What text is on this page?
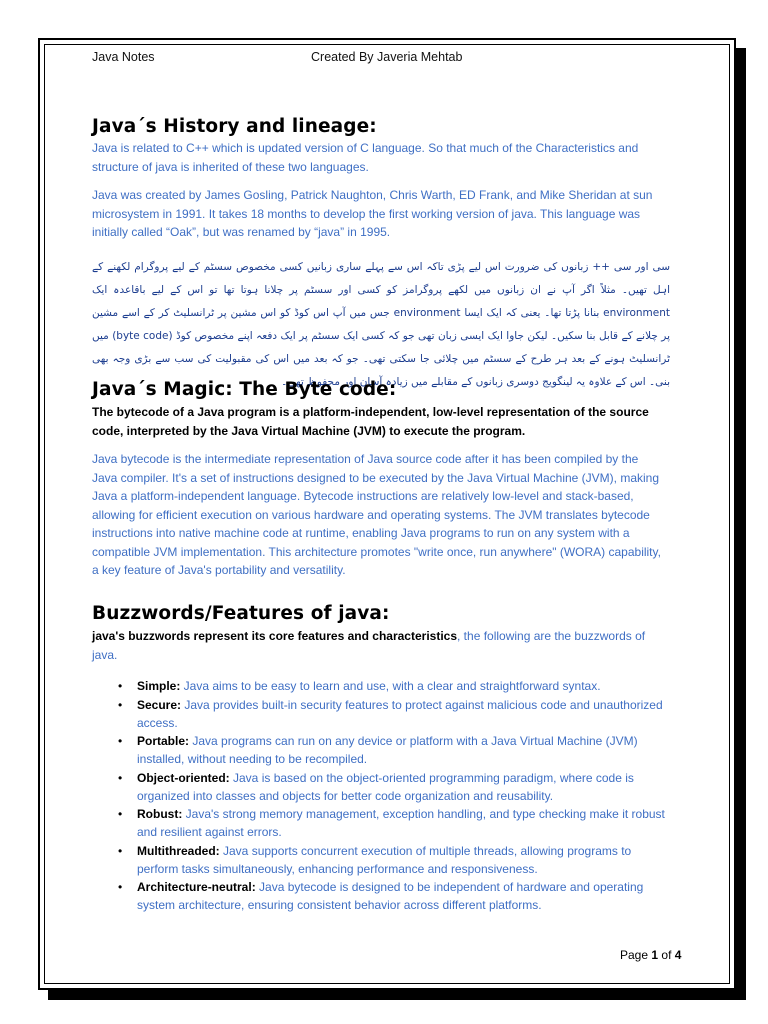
Java Notes	Created By Javeria Mehtab
Java´s History and lineage:

Java is related to C++ which is updated version of C language. So that much of the Characteristics and structure of java is inherited of these two languages.

Java was created by James Gosling, Patrick Naughton, Chris Warth, ED Frank, and Mike Sheridan at sun microsystem in 1991. It takes 18 months to develop the first working version of java. This language was initially called “Oak”, but was renamed by “java” in 1995.

سی اور سی ++ زبانوں کی ضرورت اس لیے پڑی تاکہ اس سے پہلے ساری زبانیں کسی مخصوص سسٹم کے لیے پروگرام لکھنے کے اہل تھیں۔ مثلاً اگر آپ نے ان زبانوں میں لکھے پروگرامز کو کسی اور سسٹم پر چلانا ہوتا تھا تو اس کے لیے باقاعدہ ایک environment بنانا پڑتا تھا۔ یعنی کہ ایک ایسا environment جس میں آپ اس کوڈ کو اس مشین پر ٹرانسلیٹ کر کے اسے مشین پر چلانے کے قابل بنا سکیں۔ لیکن جاوا ایک ایسی زبان تھی جو کہ کسی ایک سسٹم پر ایک دفعہ اپنے مخصوص کوڈ (byte code) میں ٹرانسلیٹ ہونے کے بعد ہر طرح کے سسٹم میں چلائی جا سکتی تھی۔ جو کہ بعد میں اس کی مقبولیت کی سب سے بڑی وجہ بھی بنی۔ اس کے علاوہ یہ لینگویج دوسری زبانوں کے مقابلے میں زیادہ آسان اور محفوظ تھی۔

Java´s Magic: The Byte code:

The bytecode of a Java program is a platform-independent, low-level representation of the source code, interpreted by the Java Virtual Machine (JVM) to execute the program.

Java bytecode is the intermediate representation of Java source code after it has been compiled by the Java compiler. It's a set of instructions designed to be executed by the Java Virtual Machine (JVM), making Java a platform-independent language. Bytecode instructions are relatively low-level and stack-based, allowing for efficient execution on various hardware and operating systems. The JVM translates bytecode instructions into native machine code at runtime, enabling Java programs to run on any system with a compatible JVM implementation. This architecture promotes "write once, run anywhere" (WORA) capability, a key feature of Java's portability and versatility.

Buzzwords/Features of java:

java's buzzwords represent its core features and characteristics, the following are the buzzwords of java.

• Simple: Java aims to be easy to learn and use, with a clear and straightforward syntax.
• Secure: Java provides built-in security features to protect against malicious code and unauthorized access.
• Portable: Java programs can run on any device or platform with a Java Virtual Machine (JVM) installed, without needing to be recompiled.
• Object-oriented: Java is based on the object-oriented programming paradigm, where code is organized into classes and objects for better code organization and reusability.
• Robust: Java's strong memory management, exception handling, and type checking make it robust and resilient against errors.
• Multithreaded: Java supports concurrent execution of multiple threads, allowing programs to perform tasks simultaneously, enhancing performance and responsiveness.
• Architecture-neutral: Java bytecode is designed to be independent of hardware and operating system architecture, ensuring consistent behavior across different platforms.
Page 1 of 4
